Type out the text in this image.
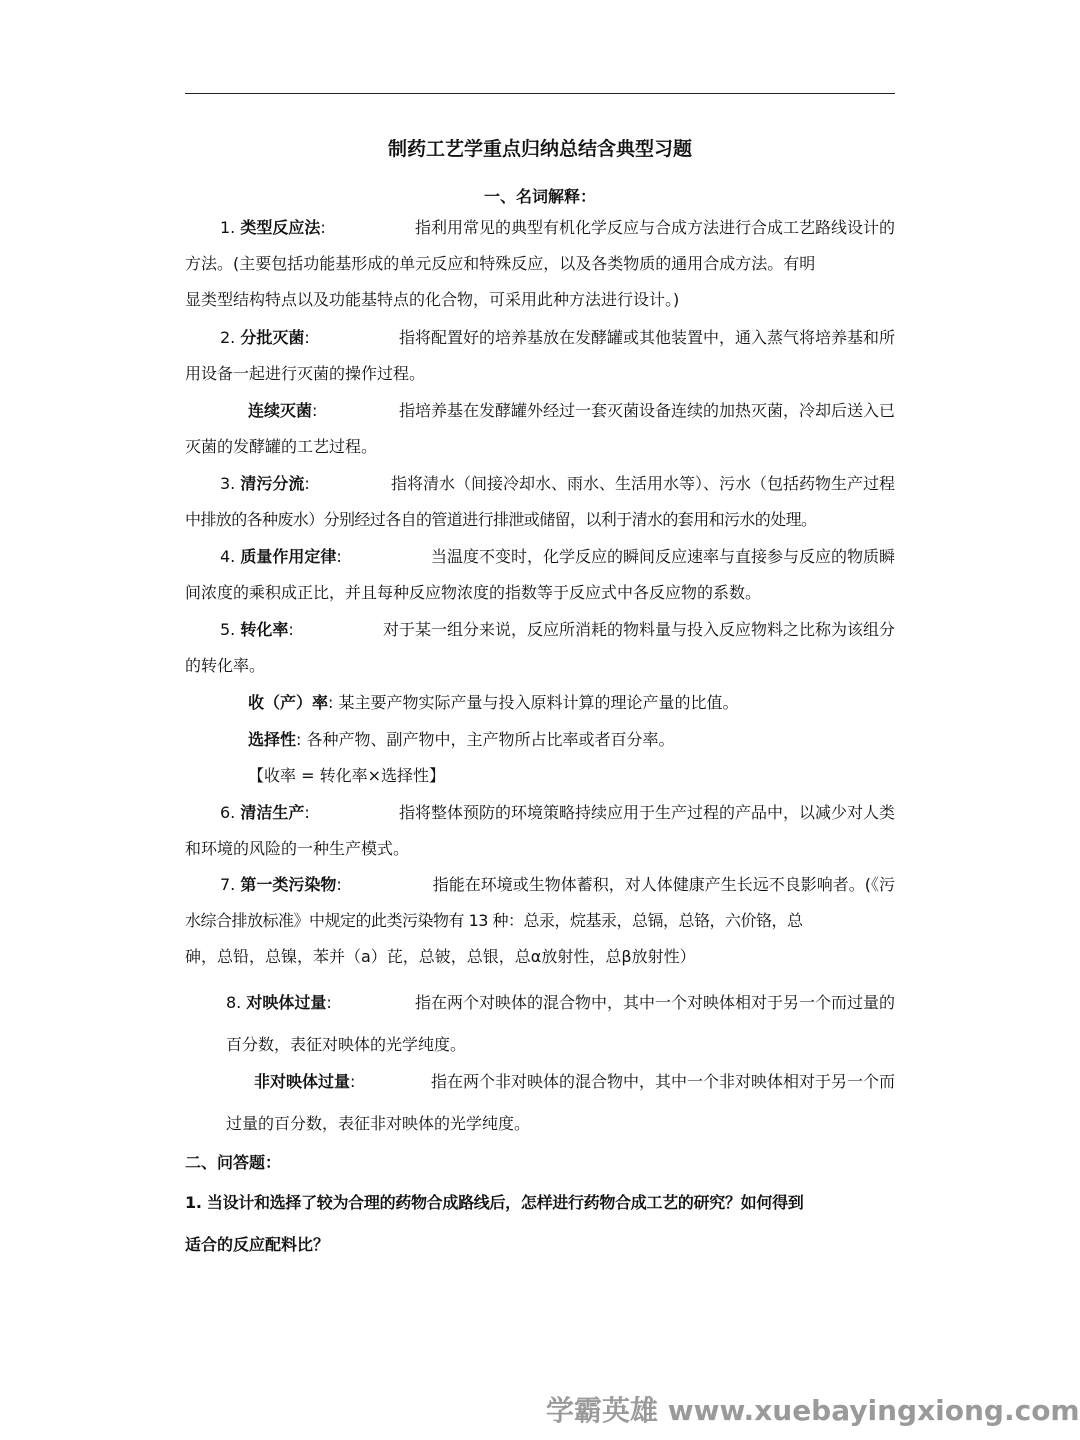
制药工艺学重点归纳总结含典型习题

一、名词解释：

1. 类型反应法:	指利用常见的典型有机化学反应与合成方法进行合成工艺路线设计的
方法。(主要包括功能基形成的单元反应和特殊反应，以及各类物质的通用合成方法。有明
显类型结构特点以及功能基特点的化合物，可采用此种方法进行设计。)
2. 分批灭菌:	指将配置好的培养基放在发酵罐或其他装置中，通入蒸气将培养基和所
用设备一起进行灭菌的操作过程。
连续灭菌:	指培养基在发酵罐外经过一套灭菌设备连续的加热灭菌，冷却后送入已
灭菌的发酵罐的工艺过程。
3. 清污分流:	指将清水（间接冷却水、雨水、生活用水等）、污水（包括药物生产过程
中排放的各种废水）分别经过各自的管道进行排泄或储留，以利于清水的套用和污水的处理。
4. 质量作用定律:	当温度不变时，化学反应的瞬间反应速率与直接参与反应的物质瞬
间浓度的乘积成正比，并且每种反应物浓度的指数等于反应式中各反应物的系数。
5. 转化率:	对于某一组分来说，反应所消耗的物料量与投入反应物料之比称为该组分
的转化率。
收（产）率: 某主要产物实际产量与投入原料计算的理论产量的比值。
选择性: 各种产物、副产物中，主产物所占比率或者百分率。
【收率 = 转化率×选择性】
6. 清洁生产:	指将整体预防的环境策略持续应用于生产过程的产品中，以减少对人类
和环境的风险的一种生产模式。
7. 第一类污染物:	指能在环境或生物体蓄积，对人体健康产生长远不良影响者。(《污
水综合排放标准》中规定的此类污染物有 13 种：总汞，烷基汞，总镉，总铬，六价铬，总
砷，总铅，总镍，苯并（a）芘，总铍，总银，总α放射性，总β放射性）
8. 对映体过量:	指在两个对映体的混合物中，其中一个对映体相对于另一个而过量的
百分数，表征对映体的光学纯度。
非对映体过量:	指在两个非对映体的混合物中，其中一个非对映体相对于另一个而
过量的百分数，表征非对映体的光学纯度。

二、问答题：

1. 当设计和选择了较为合理的药物合成路线后，怎样进行药物合成工艺的研究？如何得到
适合的反应配料比？
学霸英雄 www.xuebayingxiong.com
